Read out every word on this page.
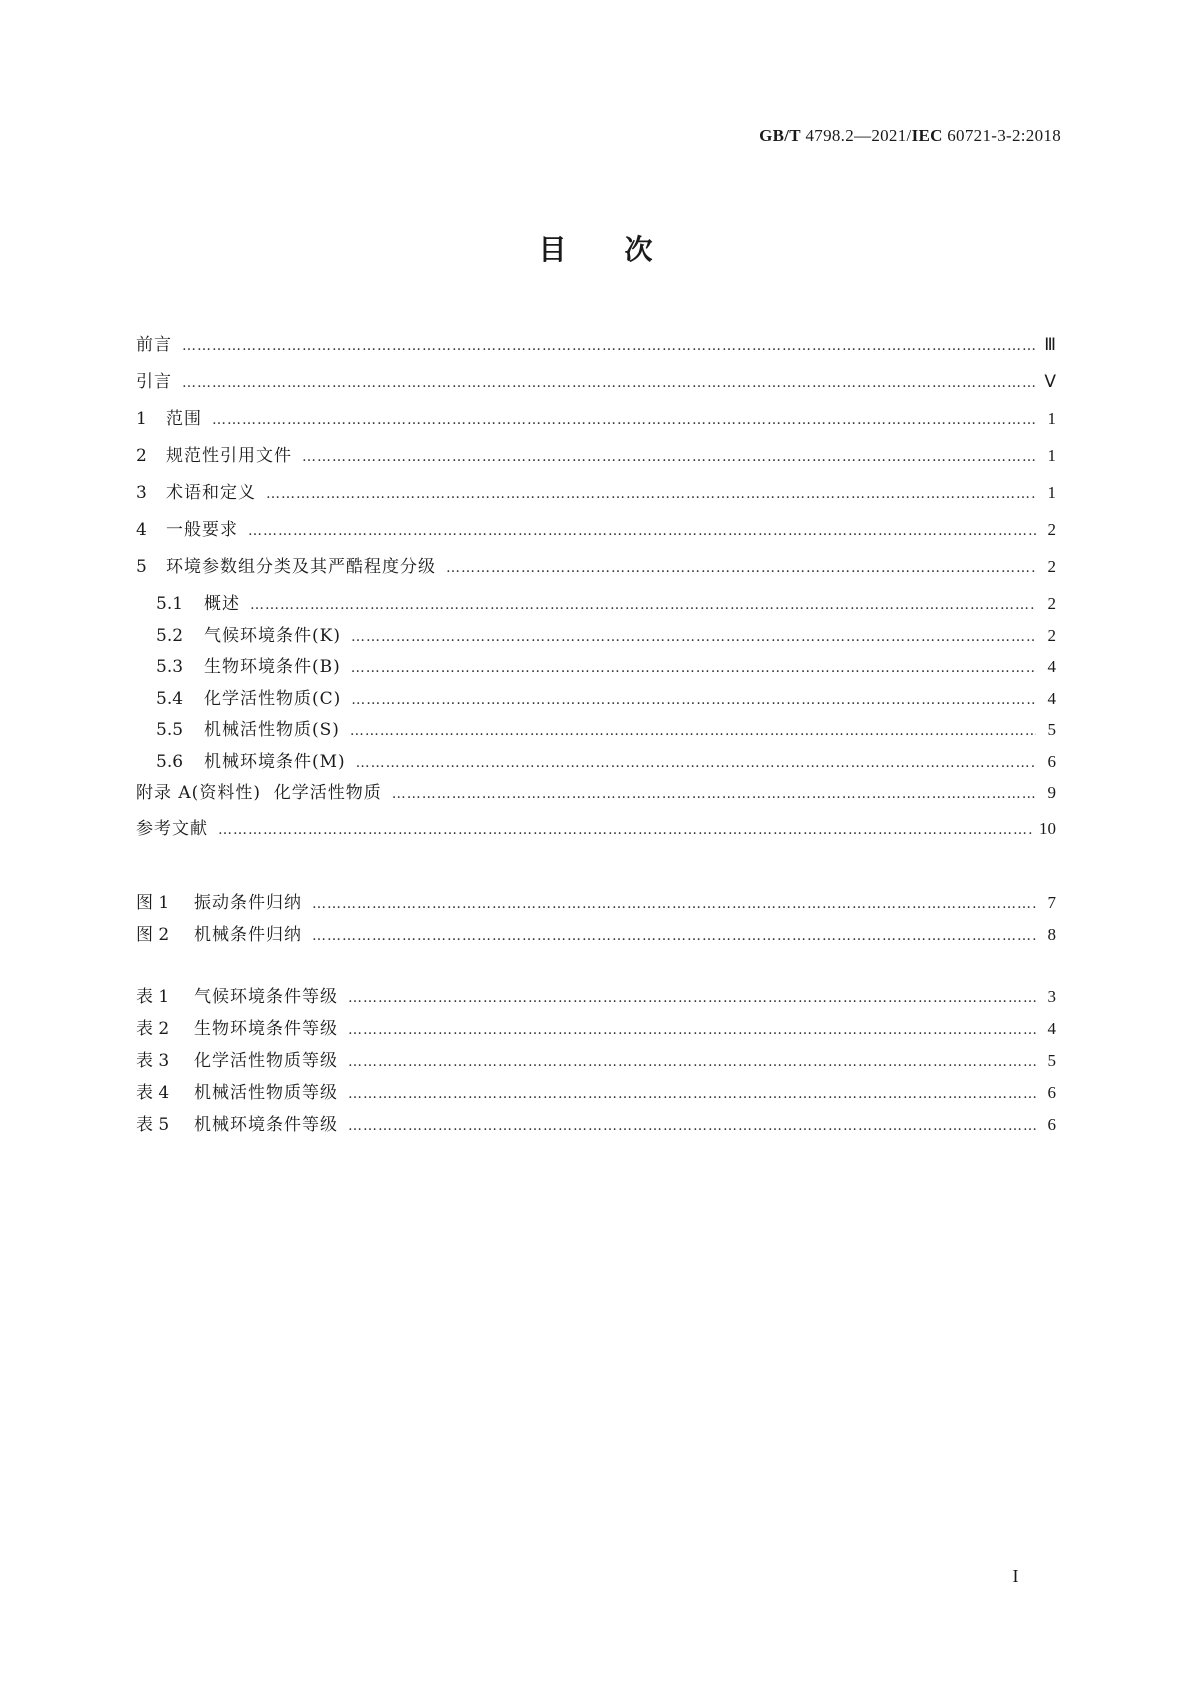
GB/T 4798.2—2021/IEC 60721-3-2:2018
目次
前言 …………………………………………………………………………………………………………………………………………………………………………………………	Ⅲ
引言 …………………………………………………………………………………………………………………………………………………………………………………………	Ⅴ
1	范围 …………………………………………………………………………………………………………………………………………………………………………………………	1
2	规范性引用文件 …………………………………………………………………………………………………………………………………………………………………………………………	1
3	术语和定义 …………………………………………………………………………………………………………………………………………………………………………………………	1
4	一般要求 …………………………………………………………………………………………………………………………………………………………………………………………	2
5	环境参数组分类及其严酷程度分级 …………………………………………………………………………………………………………………………………………………………………………………………	2
5.1	概述 …………………………………………………………………………………………………………………………………………………………………………………………	2
5.2	气候环境条件(K) …………………………………………………………………………………………………………………………………………………………………………………………	2
5.3	生物环境条件(B) …………………………………………………………………………………………………………………………………………………………………………………………	4
5.4	化学活性物质(C) …………………………………………………………………………………………………………………………………………………………………………………………	4
5.5	机械活性物质(S) …………………………………………………………………………………………………………………………………………………………………………………………	5
5.6	机械环境条件(M) …………………………………………………………………………………………………………………………………………………………………………………………	6
附录 A(资料性)  化学活性物质 …………………………………………………………………………………………………………………………………………………………………………………………	9
参考文献 …………………………………………………………………………………………………………………………………………………………………………………………	10
图 1	振动条件归纳 …………………………………………………………………………………………………………………………………………………………………………………………	7
图 2	机械条件归纳 …………………………………………………………………………………………………………………………………………………………………………………………	8
表 1	气候环境条件等级 …………………………………………………………………………………………………………………………………………………………………………………………	3
表 2	生物环境条件等级 …………………………………………………………………………………………………………………………………………………………………………………………	4
表 3	化学活性物质等级 …………………………………………………………………………………………………………………………………………………………………………………………	5
表 4	机械活性物质等级 …………………………………………………………………………………………………………………………………………………………………………………………	6
表 5	机械环境条件等级 …………………………………………………………………………………………………………………………………………………………………………………………	6
I
